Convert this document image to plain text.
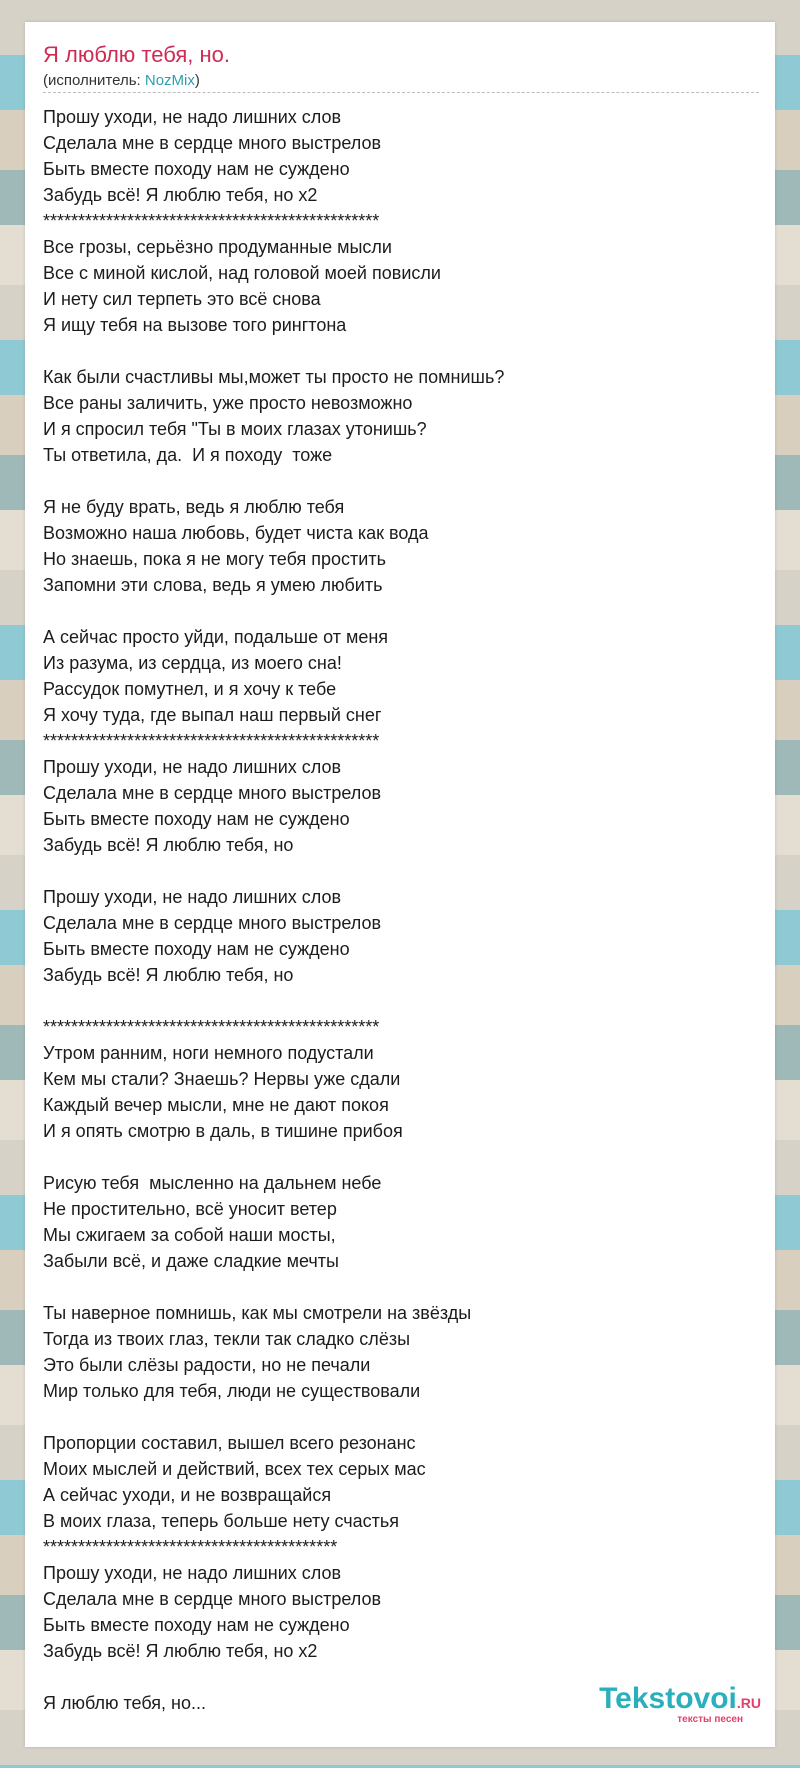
Я люблю тебя, но.
(исполнитель: NozMix)
Прошу уходи, не надо лишних слов
Сделала мне в сердце много выстрелов
Быть вместе походу нам не суждено
Забудь всё! Я люблю тебя, но х2
************************************************
Все грозы, серьёзно продуманные мысли
Все с миной кислой, над головой моей повисли
И нету сил терпеть это всё снова
Я ищу тебя на вызове того рингтона
Как были счастливы мы,может ты просто не помнишь?
Все раны заличить, уже просто невозможно
И я спросил тебя "Ты в моих глазах утонишь?
Ты ответила, да.  И я походу  тоже
Я не буду врать, ведь я люблю тебя
Возможно наша любовь, будет чиста как вода
Но знаешь, пока я не могу тебя простить
Запомни эти слова, ведь я умею любить
А сейчас просто уйди, подальше от меня
Из разума, из сердца, из моего сна!
Рассудок помутнел, и я хочу к тебе
Я хочу туда, где выпал наш первый снег
************************************************
Прошу уходи, не надо лишних слов
Сделала мне в сердце много выстрелов
Быть вместе походу нам не суждено
Забудь всё! Я люблю тебя, но
Прошу уходи, не надо лишних слов
Сделала мне в сердце много выстрелов
Быть вместе походу нам не суждено
Забудь всё! Я люблю тебя, но
************************************************
Утром ранним, ноги немного подустали
Кем мы стали? Знаешь? Нервы уже сдали
Каждый вечер мысли, мне не дают покоя
И я опять смотрю в даль, в тишине прибоя
Рисую тебя  мысленно на дальнем небе
Не простительно, всё уносит ветер
Мы сжигаем за собой наши мосты,
Забыли всё, и даже сладкие мечты
Ты наверное помнишь, как мы смотрели на звёзды
Тогда из твоих глаз, текли так сладко слёзы
Это были слёзы радости, но не печали
Мир только для тебя, люди не существовали
Пропорции составил, вышел всего резонанс
Моих мыслей и действий, всех тех серых мас
А сейчас уходи, и не возвращайся
В моих глаза, теперь больше нету счастья
******************************************
Прошу уходи, не надо лишних слов
Сделала мне в сердце много выстрелов
Быть вместе походу нам не суждено
Забудь всё! Я люблю тебя, но х2
Я люблю тебя, но...	Tekstovoi.RU
тексты песен
